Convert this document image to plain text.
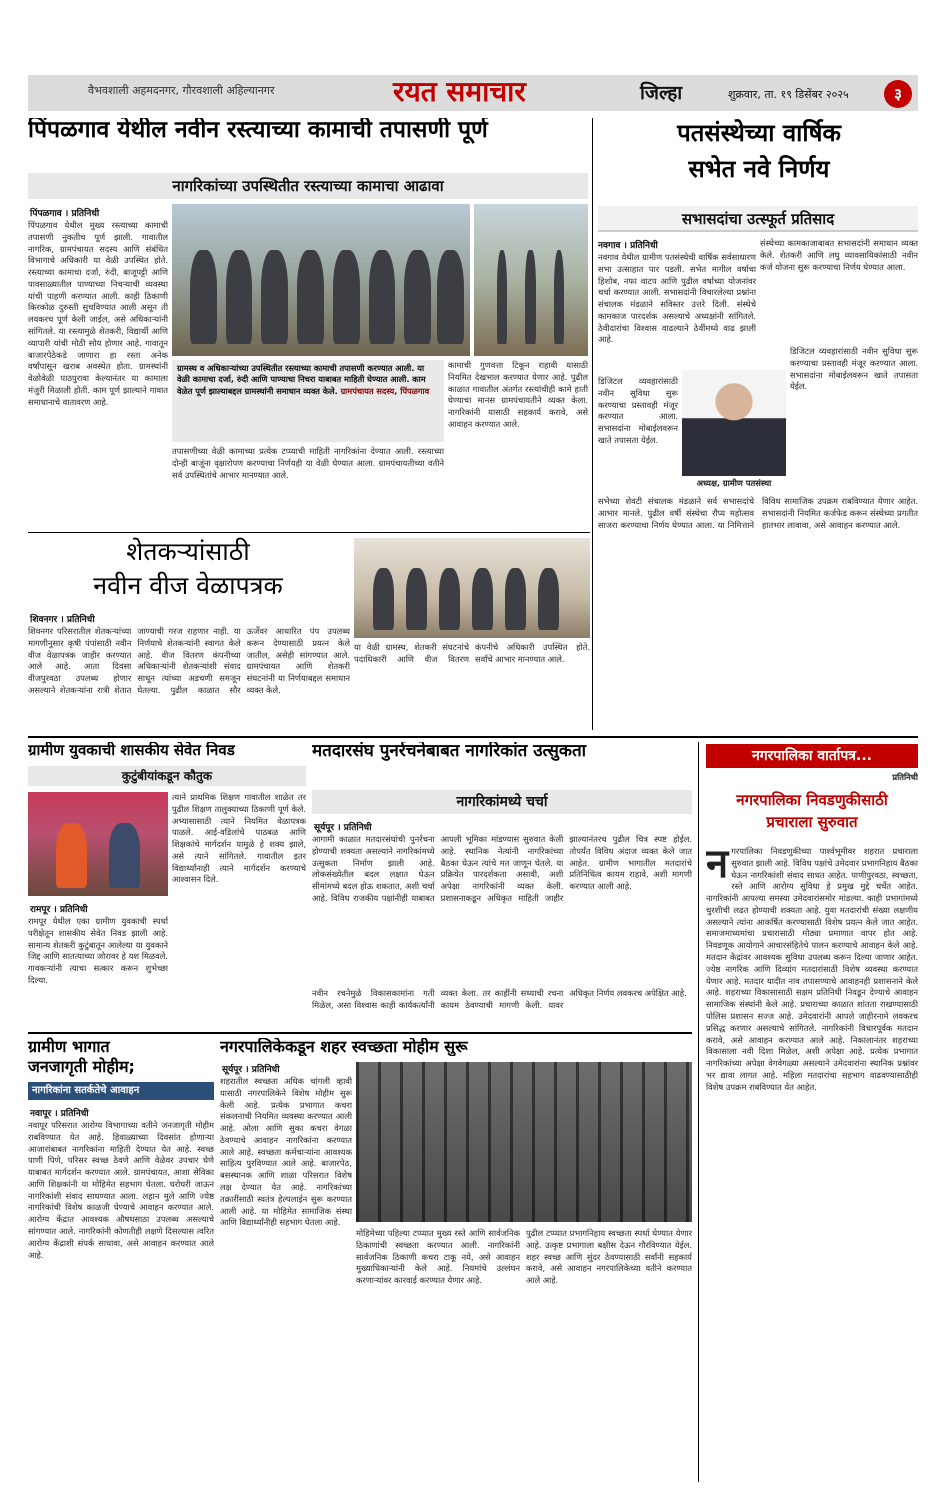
वैभवशाली अहमदनगर, गौरवशाली अहिल्यानगर	रयत समाचार	जिल्हा	शुक्रवार, ता. १९ डिसेंबर २०२५	३
पिंपळगाव येथील नवीन रस्त्याच्या कामाची तपासणी पूर्ण
नागरिकांच्या उपस्थितीत रस्त्याच्या कामाचा आढावा
पिंपळगाव । प्रतिनिधी
पिंपळगाव येथील मुख्य रस्त्याच्या कामाची तपासणी नुकतीच पूर्ण झाली. गावातील नागरिक, ग्रामपंचायत सदस्य आणि संबंधित विभागाचे अधिकारी या वेळी उपस्थित होते. रस्त्याच्या कामाचा दर्जा, रुंदी, बाजूपट्टी आणि पावसाळ्यातील पाण्याच्या निचऱ्याची व्यवस्था यांची पाहणी करण्यात आली. काही ठिकाणी किरकोळ दुरुस्ती सुचविण्यात आली असून ती लवकरच पूर्ण केली जाईल, असे अधिकाऱ्यांनी सांगितले. या रस्त्यामुळे शेतकरी, विद्यार्थी आणि व्यापारी यांची मोठी सोय होणार आहे. गावातून बाजारपेठेकडे जाणारा हा रस्ता अनेक वर्षांपासून खराब अवस्थेत होता. ग्रामस्थांनी वेळोवेळी पाठपुरावा केल्यानंतर या कामाला मंजुरी मिळाली होती. काम पूर्ण झाल्याने गावात समाधानाचे वातावरण आहे.
ग्रामस्थ व अधिकाऱ्यांच्या उपस्थितीत रस्त्याच्या कामाची तपासणी करण्यात आली. या वेळी कामाचा दर्जा, रुंदी आणि पाण्याचा निचरा याबाबत माहिती घेण्यात आली. काम वेळेत पूर्ण झाल्याबद्दल ग्रामस्थांनी समाधान व्यक्त केले. ग्रामपंचायत सदस्य, पिंपळगाव
तपासणीच्या वेळी कामाच्या प्रत्येक टप्प्याची माहिती नागरिकांना देण्यात आली. रस्त्याच्या दोन्ही बाजूंना वृक्षारोपण करण्याचा निर्णयही या वेळी घेण्यात आला. ग्रामपंचायतीच्या वतीने सर्व उपस्थितांचे आभार मानण्यात आले.
कामाची गुणवत्ता टिकून राहावी यासाठी नियमित देखभाल करण्यात येणार आहे. पुढील काळात गावातील अंतर्गत रस्त्यांचीही कामे हाती घेण्याचा मानस ग्रामपंचायतीने व्यक्त केला. नागरिकांनी यासाठी सहकार्य करावे, असे आवाहन करण्यात आले.
पतसंस्थेच्या वार्षिक
सभेत नवे निर्णय
सभासदांचा उत्स्फूर्त प्रतिसाद
नवगाव । प्रतिनिधी
नवगाव येथील ग्रामीण पतसंस्थेची वार्षिक सर्वसाधारण सभा उत्साहात पार पडली. सभेत मागील वर्षाचा हिशोब, नफा वाटप आणि पुढील वर्षाच्या योजनांवर चर्चा करण्यात आली. सभासदांनी विचारलेल्या प्रश्नांना संचालक मंडळाने सविस्तर उत्तरे दिली. संस्थेचे कामकाज पारदर्शक असल्याचे अध्यक्षांनी सांगितले. ठेवीदारांचा विश्वास वाढल्याने ठेवींमध्ये वाढ झाली आहे.
संस्थेच्या कामकाजाबाबत सभासदांनी समाधान व्यक्त केले. शेतकरी आणि लघु व्यावसायिकांसाठी नवीन कर्ज योजना सुरू करण्याचा निर्णय घेण्यात आला.
अध्यक्ष, ग्रामीण पतसंस्था
डिजिटल व्यवहारांसाठी नवीन सुविधा सुरू करण्याचा प्रस्तावही मंजूर करण्यात आला. सभासदांना मोबाईलवरून खाते तपासता येईल.
डिजिटल व्यवहारांसाठी नवीन सुविधा सुरू करण्याचा प्रस्तावही मंजूर करण्यात आला. सभासदांना मोबाईलवरून खाते तपासता येईल.
सभेच्या शेवटी संचालक मंडळाने सर्व सभासदांचे आभार मानले. पुढील वर्षी संस्थेचा रौप्य महोत्सव साजरा करण्याचा निर्णय घेण्यात आला. या निमित्ताने विविध सामाजिक उपक्रम राबविण्यात येणार आहेत. सभासदांनी नियमित कर्जफेड करून संस्थेच्या प्रगतीत हातभार लावावा, असे आवाहन करण्यात आले.
शेतकऱ्यांसाठी
नवीन वीज वेळापत्रक
शिवनगर । प्रतिनिधी
शिवनगर परिसरातील शेतकऱ्यांच्या मागणीनुसार कृषी पंपांसाठी नवीन वीज वेळापत्रक जाहीर करण्यात आले आहे. आता दिवसा वीजपुरवठा उपलब्ध होणार असल्याने शेतकऱ्यांना रात्री शेतात जाण्याची गरज राहणार नाही. या निर्णयाचे शेतकऱ्यांनी स्वागत केले आहे. वीज वितरण कंपनीच्या अधिकाऱ्यांनी शेतकऱ्यांशी संवाद साधून त्यांच्या अडचणी समजून घेतल्या. पुढील काळात सौर ऊर्जेवर आधारित पंप उपलब्ध करून देण्यासाठी प्रयत्न केले जातील, असेही सांगण्यात आले. ग्रामपंचायत आणि शेतकरी संघटनांनी या निर्णयाबद्दल समाधान व्यक्त केले.
या वेळी ग्रामस्थ, शेतकरी संघटनांचे पदाधिकारी आणि वीज वितरण कंपनीचे अधिकारी उपस्थित होते. सर्वांचे आभार मानण्यात आले.
ग्रामीण युवकाची शासकीय सेवेत निवड
कुटुंबीयांकडून कौतुक
रामपूर । प्रतिनिधी
रामपूर येथील एका ग्रामीण युवकाची स्पर्धा परीक्षेतून शासकीय सेवेत निवड झाली आहे. सामान्य शेतकरी कुटुंबातून आलेल्या या युवकाने जिद्द आणि सातत्याच्या जोरावर हे यश मिळवले. गावकऱ्यांनी त्याचा सत्कार करून शुभेच्छा दिल्या.
त्याने प्राथमिक शिक्षण गावातील शाळेत तर पुढील शिक्षण तालुक्याच्या ठिकाणी पूर्ण केले. अभ्यासासाठी त्याने नियमित वेळापत्रक पाळले. आई-वडिलांचे पाठबळ आणि शिक्षकांचे मार्गदर्शन यामुळे हे शक्य झाले, असे त्याने सांगितले. गावातील इतर विद्यार्थ्यांनाही त्याने मार्गदर्शन करण्याचे आश्वासन दिले.
मतदारसंघ पुनर्रचनेबाबत नागरिकांत उत्सुकता
नागरिकांमध्ये चर्चा
सूर्यपूर । प्रतिनिधी
आगामी काळात मतदारसंघांची पुनर्रचना होण्याची शक्यता असल्याने नागरिकांमध्ये उत्सुकता निर्माण झाली आहे. लोकसंख्येतील बदल लक्षात घेऊन सीमांमध्ये बदल होऊ शकतात, अशी चर्चा आहे. विविध राजकीय पक्षांनीही याबाबत आपली भूमिका मांडण्यास सुरुवात केली आहे. स्थानिक नेत्यांनी नागरिकांच्या बैठका घेऊन त्यांचे मत जाणून घेतले. या प्रक्रियेत पारदर्शकता असावी, अशी अपेक्षा नागरिकांनी व्यक्त केली. प्रशासनाकडून अधिकृत माहिती जाहीर झाल्यानंतरच पुढील चित्र स्पष्ट होईल. तोपर्यंत विविध अंदाज व्यक्त केले जात आहेत. ग्रामीण भागातील मतदारांचे प्रतिनिधित्व कायम राहावे, अशी मागणी करण्यात आली आहे.
नवीन रचनेमुळे विकासकामांना गती मिळेल, असा विश्वास काही कार्यकर्त्यांनी व्यक्त केला. तर काहींनी सध्याची रचना कायम ठेवण्याची मागणी केली. यावर अधिकृत निर्णय लवकरच अपेक्षित आहे.
नगरपालिका वार्तापत्र...
प्रतिनिधी
नगरपालिका निवडणुकीसाठी
प्रचाराला सुरुवात
नगरपालिका निवडणुकीच्या पार्श्वभूमीवर शहरात प्रचाराला सुरुवात झाली आहे. विविध पक्षांचे उमेदवार प्रभागनिहाय बैठका घेऊन नागरिकांशी संवाद साधत आहेत. पाणीपुरवठा, स्वच्छता, रस्ते आणि आरोग्य सुविधा हे प्रमुख मुद्दे चर्चेत आहेत. नागरिकांनी आपल्या समस्या उमेदवारांसमोर मांडल्या. काही प्रभागांमध्ये चुरशीची लढत होण्याची शक्यता आहे. युवा मतदारांची संख्या लक्षणीय असल्याने त्यांना आकर्षित करण्यासाठी विशेष प्रयत्न केले जात आहेत. समाजमाध्यमांचा प्रचारासाठी मोठ्या प्रमाणात वापर होत आहे. निवडणूक आयोगाने आचारसंहितेचे पालन करण्याचे आवाहन केले आहे. मतदान केंद्रांवर आवश्यक सुविधा उपलब्ध करून दिल्या जाणार आहेत. ज्येष्ठ नागरिक आणि दिव्यांग मतदारांसाठी विशेष व्यवस्था करण्यात येणार आहे. मतदार यादीत नाव तपासण्याचे आवाहनही प्रशासनाने केले आहे. शहराच्या विकासासाठी सक्षम प्रतिनिधी निवडून देण्याचे आवाहन सामाजिक संस्थांनी केले आहे. प्रचाराच्या काळात शांतता राखण्यासाठी पोलिस प्रशासन सज्ज आहे. उमेदवारांनी आपले जाहीरनामे लवकरच प्रसिद्ध करणार असल्याचे सांगितले. नागरिकांनी विचारपूर्वक मतदान करावे, असे आवाहन करण्यात आले आहे. निकालानंतर शहराच्या विकासाला नवी दिशा मिळेल, अशी अपेक्षा आहे. प्रत्येक प्रभागात नागरिकांच्या अपेक्षा वेगवेगळ्या असल्याने उमेदवारांना स्थानिक प्रश्नांवर भर द्यावा लागत आहे. महिला मतदारांचा सहभाग वाढवण्यासाठीही विशेष उपक्रम राबविण्यात येत आहेत.
ग्रामीण भागात
जनजागृती मोहीम;
नागरिकांना सतर्कतेचे आवाहन
नवापूर । प्रतिनिधी
नवापूर परिसरात आरोग्य विभागाच्या वतीने जनजागृती मोहीम राबविण्यात येत आहे. हिवाळ्याच्या दिवसांत होणाऱ्या आजारांबाबत नागरिकांना माहिती देण्यात येत आहे. स्वच्छ पाणी पिणे, परिसर स्वच्छ ठेवणे आणि वेळेवर उपचार घेणे याबाबत मार्गदर्शन करण्यात आले. ग्रामपंचायत, आशा सेविका आणि शिक्षकांनी या मोहिमेत सहभाग घेतला. घरोघरी जाऊन नागरिकांशी संवाद साधण्यात आला. लहान मुले आणि ज्येष्ठ नागरिकांची विशेष काळजी घेण्याचे आवाहन करण्यात आले. आरोग्य केंद्रात आवश्यक औषधसाठा उपलब्ध असल्याचे सांगण्यात आले. नागरिकांनी कोणतीही लक्षणे दिसल्यास त्वरित आरोग्य केंद्राशी संपर्क साधावा, असे आवाहन करण्यात आले आहे.
नगरपालिकेकडून शहर स्वच्छता मोहीम सुरू
सूर्यपूर । प्रतिनिधी
शहरातील स्वच्छता अधिक चांगली व्हावी यासाठी नगरपालिकेने विशेष मोहीम सुरू केली आहे. प्रत्येक प्रभागात कचरा संकलनाची नियमित व्यवस्था करण्यात आली आहे. ओला आणि सुका कचरा वेगळा ठेवण्याचे आवाहन नागरिकांना करण्यात आले आहे. स्वच्छता कर्मचाऱ्यांना आवश्यक साहित्य पुरविण्यात आले आहे. बाजारपेठ, बसस्थानक आणि शाळा परिसरात विशेष लक्ष देण्यात येत आहे. नागरिकांच्या तक्रारींसाठी स्वतंत्र हेल्पलाईन सुरू करण्यात आली आहे. या मोहिमेत सामाजिक संस्था आणि विद्यार्थ्यांनीही सहभाग घेतला आहे.
मोहिमेच्या पहिल्या टप्प्यात मुख्य रस्ते आणि सार्वजनिक ठिकाणांची स्वच्छता करण्यात आली. नागरिकांनी सार्वजनिक ठिकाणी कचरा टाकू नये, असे आवाहन मुख्याधिकाऱ्यांनी केले आहे. नियमांचे उल्लंघन करणाऱ्यांवर कारवाई करण्यात येणार आहे.
पुढील टप्प्यात प्रभागनिहाय स्वच्छता स्पर्धा घेण्यात येणार आहे. उत्कृष्ट प्रभागाला बक्षीस देऊन गौरविण्यात येईल. शहर स्वच्छ आणि सुंदर ठेवण्यासाठी सर्वांनी सहकार्य करावे, असे आवाहन नगरपालिकेच्या वतीने करण्यात आले आहे.
